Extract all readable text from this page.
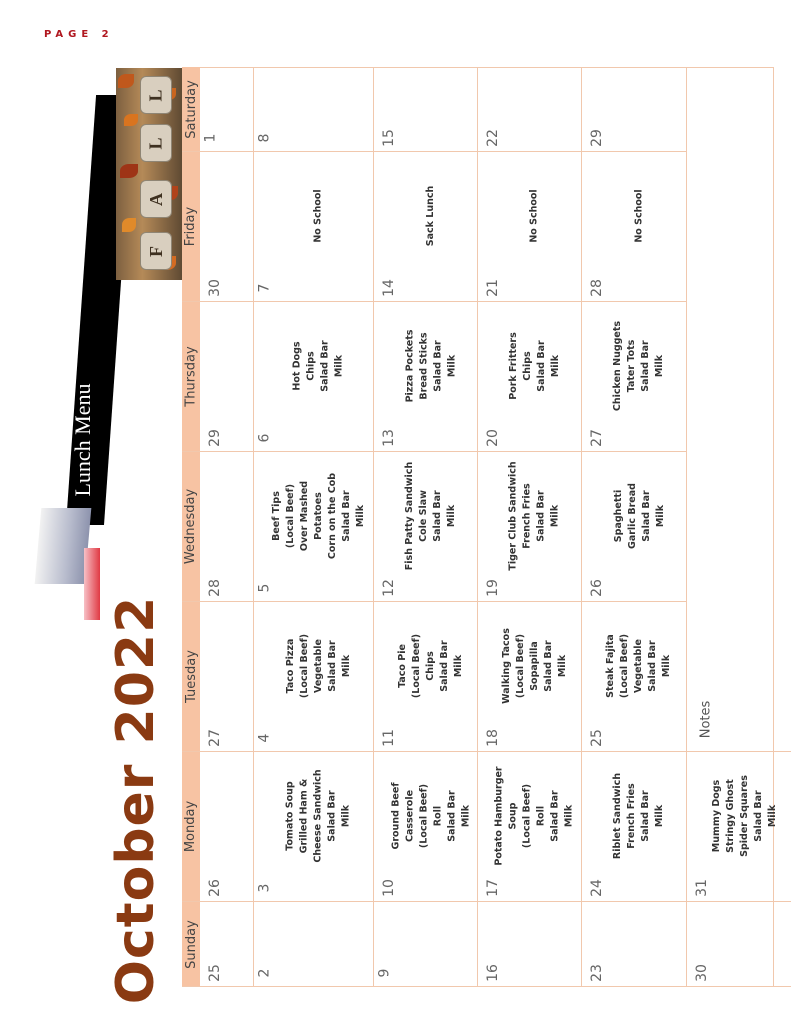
PAGE 2
Lunch Menu
October 2022
L
L
A
F
Sunday
Monday
Tuesday
Wednesday
Thursday
Friday
Saturday
25
26
27
28
29
30
1
2
3
Tomato Soup Grilled Ham & Cheese Sandwich Salad Bar Milk
4
Taco Pizza (Local Beef) Vegetable Salad Bar Milk
5
Beef Tips (Local Beef) Over Mashed Potatoes Corn on the Cob Salad Bar Milk
6
Hot Dogs Chips Salad Bar Milk
7
No School
8
9
10
Ground Beef Casserole (Local Beef) Roll Salad Bar Milk
11
Taco Pie (Local Beef) Chips Salad Bar Milk
12
Fish Patty Sandwich Cole Slaw Salad Bar Milk
13
Pizza Pockets Bread Sticks Salad Bar Milk
14
Sack Lunch
15
16
17
Potato Hamburger Soup (Local Beef) Roll Salad Bar Milk
18
Walking Tacos (Local Beef) Sopapilla Salad Bar Milk
19
Tiger Club Sandwich French Fries Salad Bar Milk
20
Pork Fritters Chips Salad Bar Milk
21
No School
22
23
24
Riblet Sandwich French Fries Salad Bar Milk
25
Steak Fajita (Local Beef) Vegetable Salad Bar Milk
26
Spaghetti Garlic Bread Salad Bar Milk
27
Chicken Nuggets Tater Tots Salad Bar Milk
28
No School
29
30
31
Mummy Dogs Stringy Ghost Spider Squares Salad Bar Milk
Notes
